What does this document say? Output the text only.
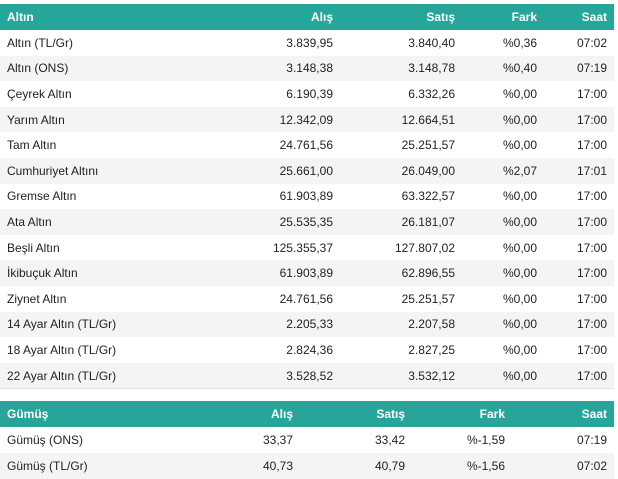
Altın	Alış	Satış	Fark	Saat
Altın (TL/Gr)	3.839,95	3.840,40	%0,36	07:02
Altın (ONS)	3.148,38	3.148,78	%0,40	07:19
Çeyrek Altın	6.190,39	6.332,26	%0,00	17:00
Yarım Altın	12.342,09	12.664,51	%0,00	17:00
Tam Altın	24.761,56	25.251,57	%0,00	17:00
Cumhuriyet Altını	25.661,00	26.049,00	%2,07	17:01
Gremse Altın	61.903,89	63.322,57	%0,00	17:00
Ata Altın	25.535,35	26.181,07	%0,00	17:00
Beşli Altın	125.355,37	127.807,02	%0,00	17:00
İkibuçuk Altın	61.903,89	62.896,55	%0,00	17:00
Ziynet Altın	24.761,56	25.251,57	%0,00	17:00
14 Ayar Altın (TL/Gr)	2.205,33	2.207,58	%0,00	17:00
18 Ayar Altın (TL/Gr)	2.824,36	2.827,25	%0,00	17:00
22 Ayar Altın (TL/Gr)	3.528,52	3.532,12	%0,00	17:00
Gümüş	Alış	Satış	Fark	Saat
Gümüş (ONS)	33,37	33,42	%-1,59	07:19
Gümüş (TL/Gr)	40,73	40,79	%-1,56	07:02
